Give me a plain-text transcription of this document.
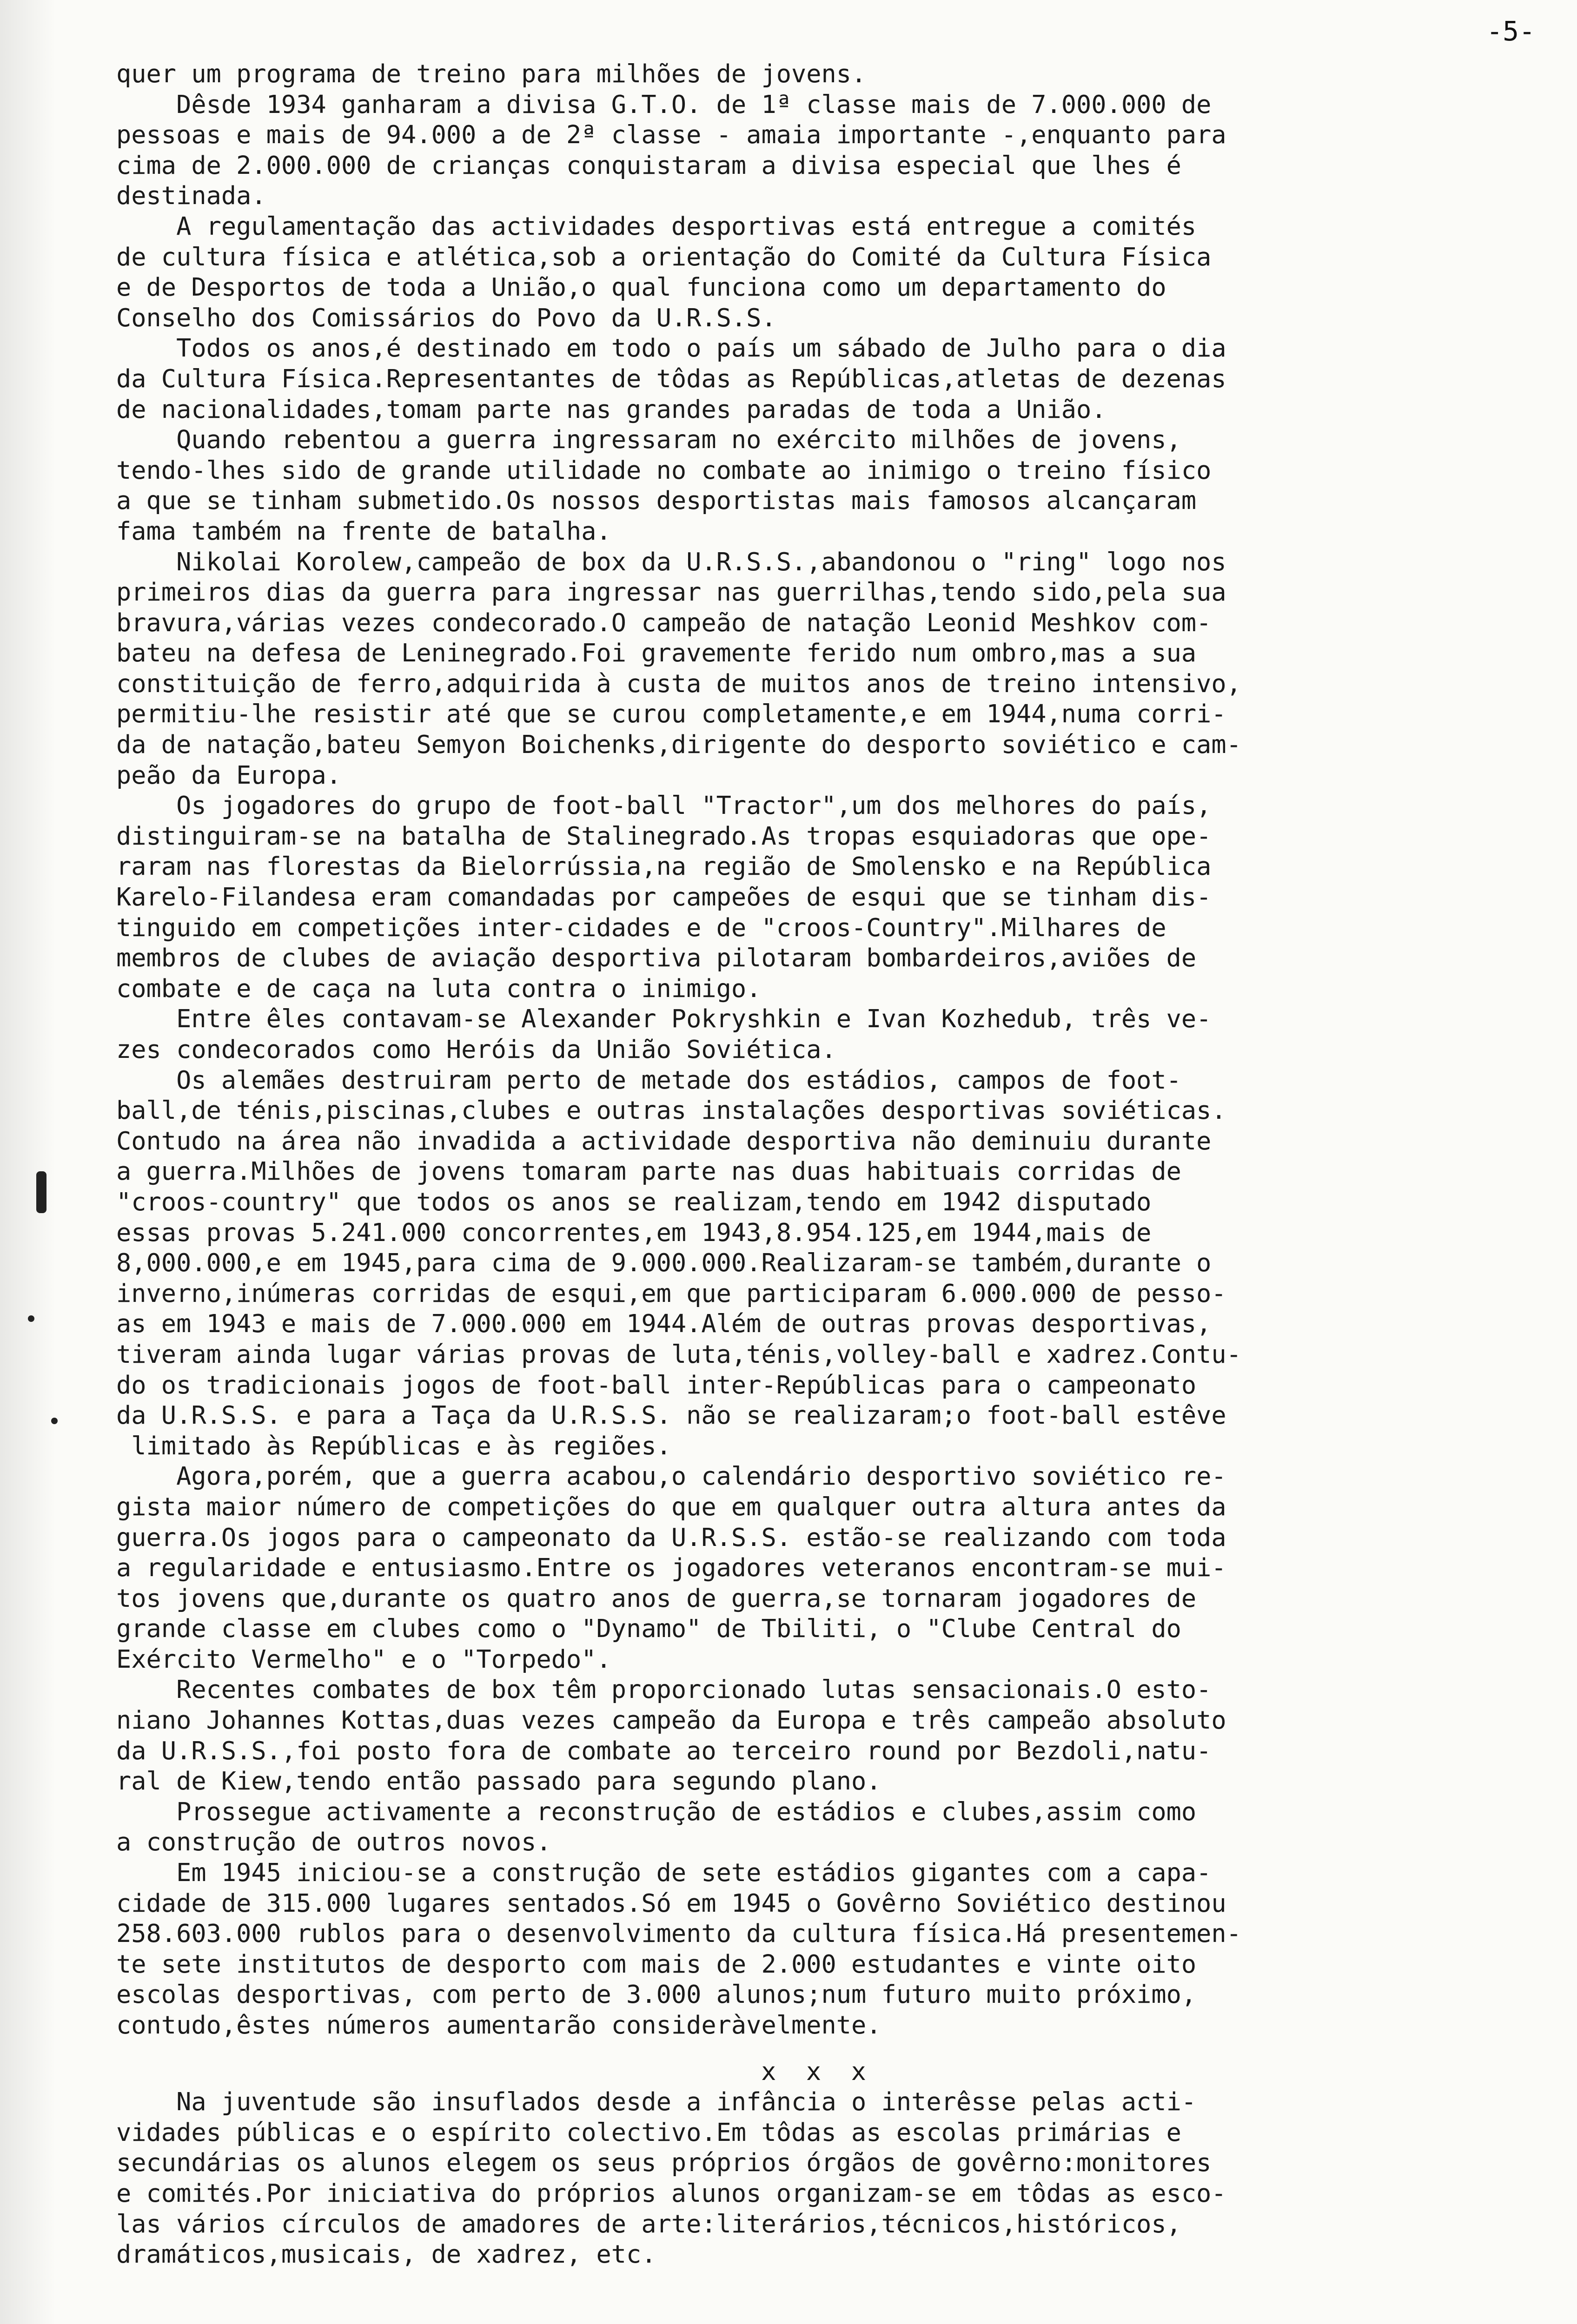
-5-
quer um programa de treino para milhões de jovens.
Dêsde 1934 ganharam a divisa G.T.O. de 1ª classe mais de 7.000.000 de
pessoas e mais de 94.000 a de 2ª classe - amaia importante -,enquanto para
cima de 2.000.000 de crianças conquistaram a divisa especial que lhes é
destinada.
A regulamentação das actividades desportivas está entregue a comités
de cultura física e atlética,sob a orientação do Comité da Cultura Física
e de Desportos de toda a União,o qual funciona como um departamento do
Conselho dos Comissários do Povo da U.R.S.S.
Todos os anos,é destinado em todo o país um sábado de Julho para o dia
da Cultura Física.Representantes de tôdas as Repúblicas,atletas de dezenas
de nacionalidades,tomam parte nas grandes paradas de toda a União.
Quando rebentou a guerra ingressaram no exército milhões de jovens,
tendo-lhes sido de grande utilidade no combate ao inimigo o treino físico
a que se tinham submetido.Os nossos desportistas mais famosos alcançaram
fama também na frente de batalha.
Nikolai Korolew,campeão de box da U.R.S.S.,abandonou o "ring" logo nos
primeiros dias da guerra para ingressar nas guerrilhas,tendo sido,pela sua
bravura,várias vezes condecorado.O campeão de natação Leonid Meshkov com-
bateu na defesa de Leninegrado.Foi gravemente ferido num ombro,mas a sua
constituição de ferro,adquirida à custa de muitos anos de treino intensivo,
permitiu-lhe resistir até que se curou completamente,e em 1944,numa corri-
da de natação,bateu Semyon Boichenks,dirigente do desporto soviético e cam-
peão da Europa.
Os jogadores do grupo de foot-ball "Tractor",um dos melhores do país,
distinguiram-se na batalha de Stalinegrado.As tropas esquiadoras que ope-
raram nas florestas da Bielorrússia,na região de Smolensko e na República
Karelo-Filandesa eram comandadas por campeões de esqui que se tinham dis-
tinguido em competições inter-cidades e de "croos-Country".Milhares de
membros de clubes de aviação desportiva pilotaram bombardeiros,aviões de
combate e de caça na luta contra o inimigo.
Entre êles contavam-se Alexander Pokryshkin e Ivan Kozhedub, três ve-
zes condecorados como Heróis da União Soviética.
Os alemães destruiram perto de metade dos estádios, campos de foot-
ball,de ténis,piscinas,clubes e outras instalações desportivas soviéticas.
Contudo na área não invadida a actividade desportiva não deminuiu durante
a guerra.Milhões de jovens tomaram parte nas duas habituais corridas de
"croos-country" que todos os anos se realizam,tendo em 1942 disputado
essas provas 5.241.000 concorrentes,em 1943,8.954.125,em 1944,mais de
8,000.000,e em 1945,para cima de 9.000.000.Realizaram-se também,durante o
inverno,inúmeras corridas de esqui,em que participaram 6.000.000 de pesso-
as em 1943 e mais de 7.000.000 em 1944.Além de outras provas desportivas,
tiveram ainda lugar várias provas de luta,ténis,volley-ball e xadrez.Contu-
do os tradicionais jogos de foot-ball inter-Repúblicas para o campeonato
da U.R.S.S. e para a Taça da U.R.S.S. não se realizaram;o foot-ball estêve
limitado às Repúblicas e às regiões.
Agora,porém, que a guerra acabou,o calendário desportivo soviético re-
gista maior número de competições do que em qualquer outra altura antes da
guerra.Os jogos para o campeonato da U.R.S.S. estão-se realizando com toda
a regularidade e entusiasmo.Entre os jogadores veteranos encontram-se mui-
tos jovens que,durante os quatro anos de guerra,se tornaram jogadores de
grande classe em clubes como o "Dynamo" de Tbiliti, o "Clube Central do
Exército Vermelho" e o "Torpedo".
Recentes combates de box têm proporcionado lutas sensacionais.O esto-
niano Johannes Kottas,duas vezes campeão da Europa e três campeão absoluto
da U.R.S.S.,foi posto fora de combate ao terceiro round por Bezdoli,natu-
ral de Kiew,tendo então passado para segundo plano.
Prossegue activamente a reconstrução de estádios e clubes,assim como
a construção de outros novos.
Em 1945 iniciou-se a construção de sete estádios gigantes com a capa-
cidade de 315.000 lugares sentados.Só em 1945 o Govêrno Soviético destinou
258.603.000 rublos para o desenvolvimento da cultura física.Há presentemen-
te sete institutos de desporto com mais de 2.000 estudantes e vinte oito
escolas desportivas, com perto de 3.000 alunos;num futuro muito próximo,
contudo,êstes números aumentarão consideràvelmente.
x  x  x
Na juventude são insuflados desde a infância o interêsse pelas acti-
vidades públicas e o espírito colectivo.Em tôdas as escolas primárias e
secundárias os alunos elegem os seus próprios órgãos de govêrno:monitores
e comités.Por iniciativa do próprios alunos organizam-se em tôdas as esco-
las vários círculos de amadores de arte:literários,técnicos,históricos,
dramáticos,musicais, de xadrez, etc.
